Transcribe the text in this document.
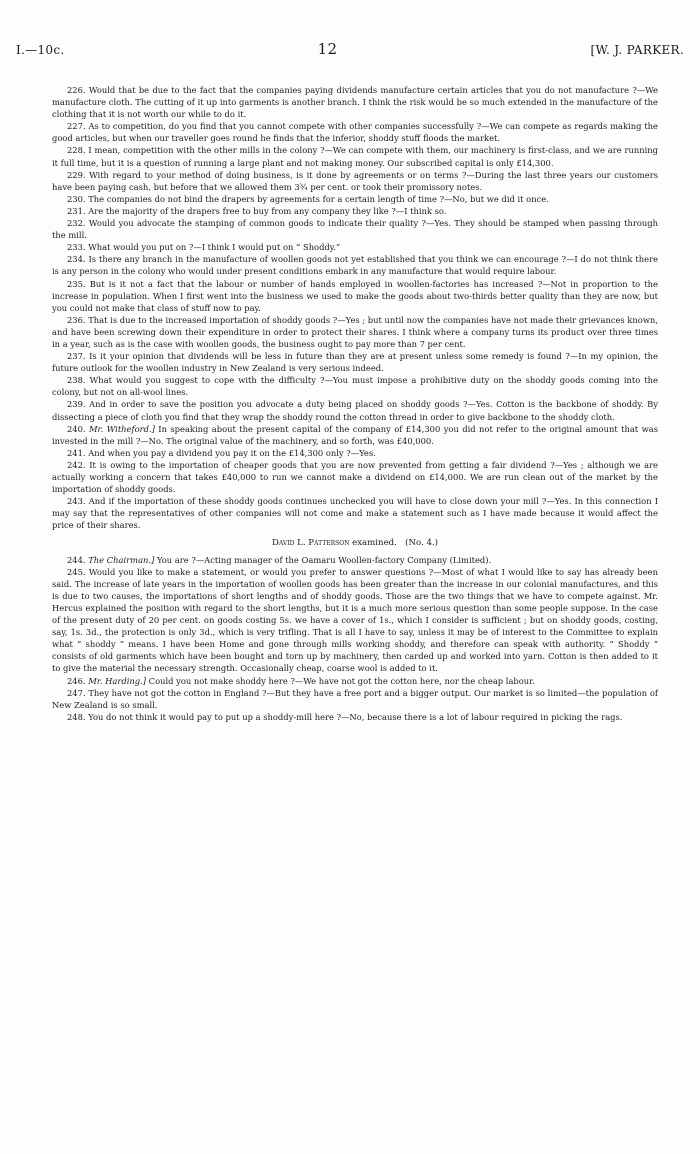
I.—10c.	12	[W. J. PARKER.

226. Would that be due to the fact that the companies paying dividends manufacture certain articles that you do not manufacture ?—We manufacture cloth. The cutting of it up into garments is another branch. I think the risk would be so much extended in the manufacture of the clothing that it is not worth our while to do it.

227. As to competition, do you find that you cannot compete with other companies successfully ?—We can compete as regards making the good articles, but when our traveller goes round he finds that the inferior, shoddy stuff floods the market.

228. I mean, competition with the other mills in the colony ?—We can compete with them, our machinery is first-class, and we are running it full time, but it is a question of running a large plant and not making money. Our subscribed capital is only £14,300.

229. With regard to your method of doing business, is it done by agreements or on terms ?—During the last three years our customers have been paying cash, but before that we allowed them 3¾ per cent. or took their promissory notes.

230. The companies do not bind the drapers by agreements for a certain length of time ?—No, but we did it once.

231. Are the majority of the drapers free to buy from any company they like ?—I think so.

232. Would you advocate the stamping of common goods to indicate their quality ?—Yes. They should be stamped when passing through the mill.

233. What would you put on ?—I think I would put on “ Shoddy.”

234. Is there any branch in the manufacture of woollen goods not yet established that you think we can encourage ?—I do not think there is any person in the colony who would under present conditions embark in any manufacture that would require labour.

235. But is it not a fact that the labour or number of hands employed in woollen-factories has increased ?—Not in proportion to the increase in population. When I first went into the business we used to make the goods about two-thirds better quality than they are now, but you could not make that class of stuff now to pay.

236. That is due to the increased importation of shoddy goods ?—Yes ; but until now the companies have not made their grievances known, and have been screwing down their expenditure in order to protect their shares. I think where a company turns its product over three times in a year, such as is the case with woollen goods, the business ought to pay more than 7 per cent.

237. Is it your opinion that dividends will be less in future than they are at present unless some remedy is found ?—In my opinion, the future outlook for the woollen industry in New Zealand is very serious indeed.

238. What would you suggest to cope with the difficulty ?—You must impose a prohibitive duty on the shoddy goods coming into the colony, but not on all-wool lines.

239. And in order to save the position you advocate a duty being placed on shoddy goods ?—Yes. Cotton is the backbone of shoddy. By dissecting a piece of cloth you find that they wrap the shoddy round the cotton thread in order to give backbone to the shoddy cloth.

240. Mr. Witheford.] In speaking about the present capital of the company of £14,300 you did not refer to the original amount that was invested in the mill ?—No. The original value of the machinery, and so forth, was £40,000.

241. And when you pay a dividend you pay it on the £14,300 only ?—Yes.

242. It is owing to the importation of cheaper goods that you are now prevented from getting a fair dividend ?—Yes ; although we are actually working a concern that takes £40,000 to run we cannot make a dividend on £14,000. We are run clean out of the market by the importation of shoddy goods.

243. And if the importation of these shoddy goods continues unchecked you will have to close down your mill ?—Yes. In this connection I may say that the representatives of other companies will not come and make a statement such as I have made because it would affect the price of their shares.

David L. Patterson examined. (No. 4.)

244. The Chairman.] You are ?—Acting manager of the Oamaru Woollen-factory Company (Limited).

245. Would you like to make a statement, or would you prefer to answer questions ?—Most of what I would like to say has already been said. The increase of late years in the importation of woollen goods has been greater than the increase in our colonial manufactures, and this is due to two causes, the importations of short lengths and of shoddy goods. Those are the two things that we have to compete against. Mr. Hercus explained the position with regard to the short lengths, but it is a much more serious question than some people suppose. In the case of the present duty of 20 per cent. on goods costing 5s. we have a cover of 1s., which I consider is sufficient ; but on shoddy goods, costing, say, 1s. 3d., the protection is only 3d., which is very trifling. That is all I have to say, unless it may be of interest to the Committee to explain what “ shoddy ” means. I have been Home and gone through mills working shoddy, and therefore can speak with authority. “ Shoddy ” consists of old garments which have been bought and torn up by machinery, then carded up and worked into yarn. Cotton is then added to it to give the material the necessary strength. Occasionally cheap, coarse wool is added to it.

246. Mr. Harding.] Could you not make shoddy here ?—We have not got the cotton here, nor the cheap labour.

247. They have not got the cotton in England ?—But they have a free port and a bigger output. Our market is so limited—the population of New Zealand is so small.

248. You do not think it would pay to put up a shoddy-mill here ?—No, because there is a lot of labour required in picking the rags.
